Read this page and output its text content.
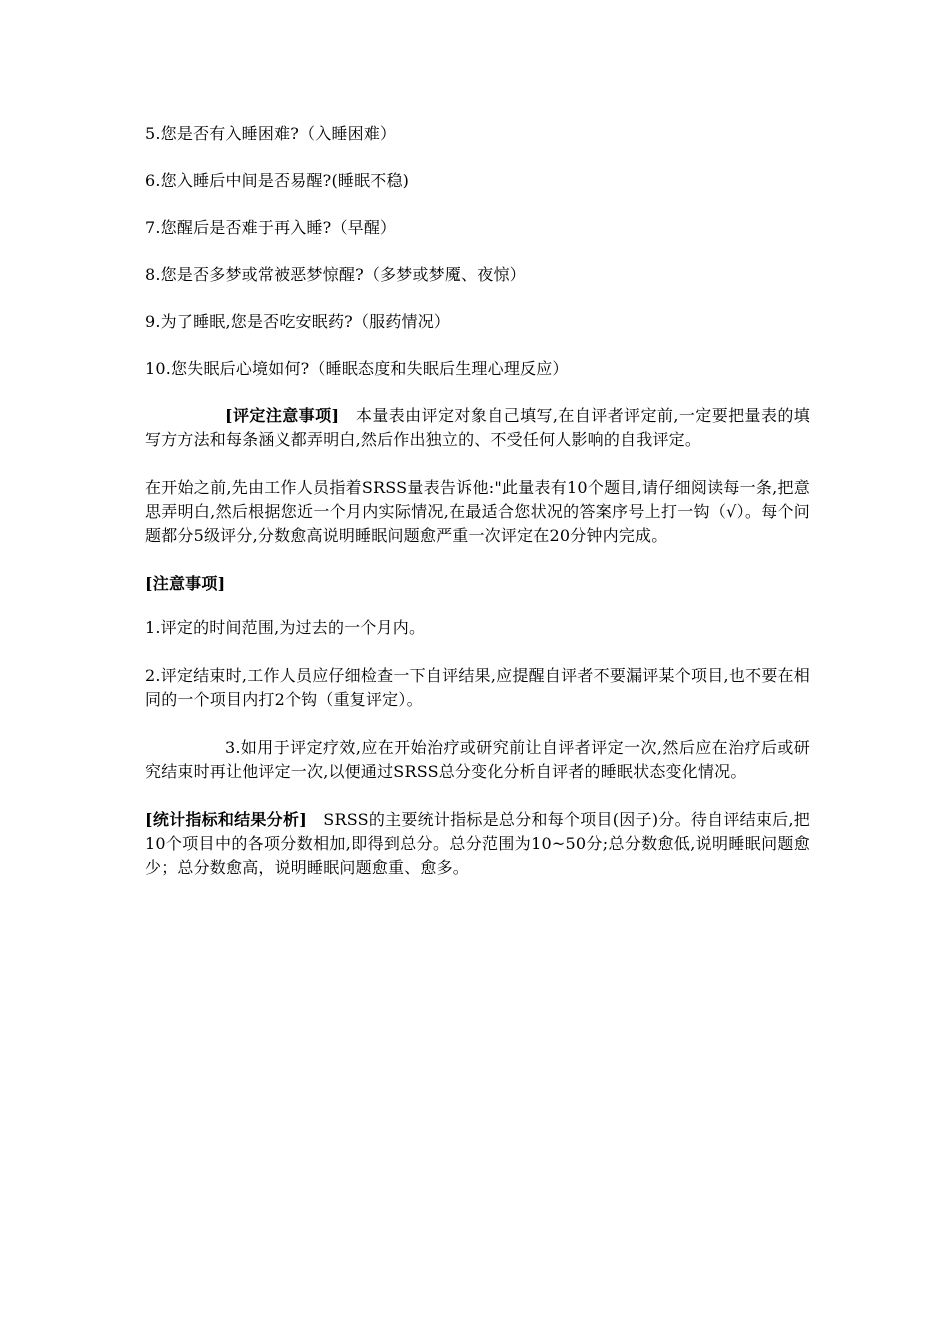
5.您是否有入睡困难?（入睡困难）

6.您入睡后中间是否易醒?(睡眠不稳)

7.您醒后是否难于再入睡?（早醒）

8.您是否多梦或常被恶梦惊醒?（多梦或梦魇、夜惊）

9.为了睡眠,您是否吃安眠药?（服药情况）

10.您失眠后心境如何?（睡眠态度和失眠后生理心理反应）

[评定注意事项]　本量表由评定对象自己填写,在自评者评定前,一定要把量表的填写方方法和每条涵义都弄明白,然后作出独立的、不受任何人影响的自我评定。

在开始之前,先由工作人员指着SRSS量表告诉他:"此量表有10个题目,请仔细阅读每一条,把意思弄明白,然后根据您近一个月内实际情况,在最适合您状况的答案序号上打一钩（√）。每个问题都分5级评分,分数愈高说明睡眠问题愈严重一次评定在20分钟内完成。

[注意事项]

1.评定的时间范围,为过去的一个月内。

2.评定结束时,工作人员应仔细检查一下自评结果,应提醒自评者不要漏评某个项目,也不要在相同的一个项目内打2个钩（重复评定）。

3.如用于评定疗效,应在开始治疗或研究前让自评者评定一次,然后应在治疗后或研究结束时再让他评定一次,以便通过SRSS总分变化分析自评者的睡眠状态变化情况。

[统计指标和结果分析]　SRSS的主要统计指标是总分和每个项目(因子)分。待自评结束后,把10个项目中的各项分数相加,即得到总分。总分范围为10~50分;总分数愈低,说明睡眠问题愈少；总分数愈高，说明睡眠问题愈重、愈多。
